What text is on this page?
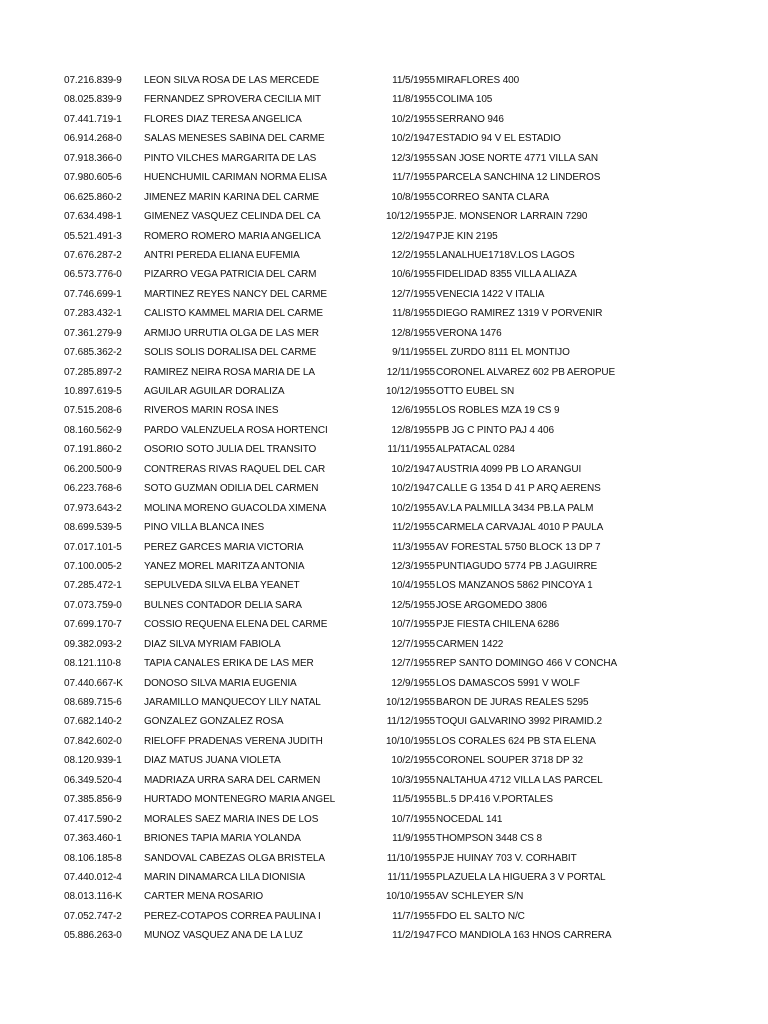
07.216.839-9	LEON SILVA ROSA DE LAS MERCEDE	11/5/1955 MIRAFLORES 400
08.025.839-9	FERNANDEZ SPROVERA CECILIA MIT	11/8/1955 COLIMA 105
07.441.719-1	FLORES DIAZ TERESA ANGELICA	10/2/1955 SERRANO 946
06.914.268-0	SALAS MENESES SABINA DEL CARME	10/2/1947 ESTADIO 94 V EL ESTADIO
07.918.366-0	PINTO VILCHES MARGARITA DE LAS	12/3/1955 SAN JOSE NORTE 4771 VILLA SAN
07.980.605-6	HUENCHUMIL CARIMAN NORMA ELISA	11/7/1955 PARCELA SANCHINA 12 LINDEROS
06.625.860-2	JIMENEZ MARIN KARINA DEL CARME	10/8/1955 CORREO SANTA CLARA
07.634.498-1	GIMENEZ VASQUEZ CELINDA DEL CA	10/12/1955 PJE. MONSENOR LARRAIN 7290
05.521.491-3	ROMERO ROMERO MARIA ANGELICA	12/2/1947 PJE KIN 2195
07.676.287-2	ANTRI PEREDA ELIANA EUFEMIA	12/2/1955 LANALHUE1718V.LOS LAGOS
06.573.776-0	PIZARRO VEGA PATRICIA DEL CARM	10/6/1955 FIDELIDAD 8355 VILLA ALIAZA
07.746.699-1	MARTINEZ REYES NANCY DEL CARME	12/7/1955 VENECIA 1422 V ITALIA
07.283.432-1	CALISTO KAMMEL MARIA DEL CARME	11/8/1955 DIEGO RAMIREZ 1319 V PORVENIR
07.361.279-9	ARMIJO URRUTIA OLGA DE LAS MER	12/8/1955 VERONA 1476
07.685.362-2	SOLIS SOLIS DORALISA DEL CARME	9/11/1955 EL ZURDO 8111 EL MONTIJO
07.285.897-2	RAMIREZ NEIRA ROSA MARIA DE LA	12/11/1955 CORONEL ALVAREZ 602 PB AEROPUE
10.897.619-5	AGUILAR AGUILAR DORALIZA	10/12/1955 OTTO EUBEL SN
07.515.208-6	RIVEROS MARIN ROSA INES	12/6/1955 LOS ROBLES MZA 19 CS 9
08.160.562-9	PARDO VALENZUELA ROSA HORTENCI	12/8/1955 PB JG C PINTO PAJ 4 406
07.191.860-2	OSORIO SOTO JULIA DEL TRANSITO	11/11/1955 ALPATACAL 0284
06.200.500-9	CONTRERAS RIVAS RAQUEL DEL CAR	10/2/1947 AUSTRIA 4099 PB LO ARANGUI
06.223.768-6	SOTO GUZMAN ODILIA DEL CARMEN	10/2/1947 CALLE G 1354 D 41 P ARQ AERENS
07.973.643-2	MOLINA MORENO GUACOLDA XIMENA	10/2/1955 AV.LA PALMILLA 3434 PB.LA PALM
08.699.539-5	PINO VILLA BLANCA INES	11/2/1955 CARMELA CARVAJAL 4010 P PAULA
07.017.101-5	PEREZ GARCES MARIA VICTORIA	11/3/1955 AV FORESTAL 5750 BLOCK 13 DP 7
07.100.005-2	YANEZ MOREL MARITZA ANTONIA	12/3/1955 PUNTIAGUDO 5774 PB J.AGUIRRE
07.285.472-1	SEPULVEDA SILVA ELBA YEANET	10/4/1955 LOS MANZANOS 5862 PINCOYA 1
07.073.759-0	BULNES CONTADOR DELIA SARA	12/5/1955 JOSE ARGOMEDO 3806
07.699.170-7	COSSIO REQUENA ELENA DEL CARME	10/7/1955 PJE FIESTA CHILENA 6286
09.382.093-2	DIAZ SILVA MYRIAM FABIOLA	12/7/1955 CARMEN 1422
08.121.110-8	TAPIA CANALES ERIKA DE LAS MER	12/7/1955 REP SANTO DOMINGO 466 V CONCHA
07.440.667-K	DONOSO SILVA MARIA EUGENIA	12/9/1955 LOS DAMASCOS 5991 V WOLF
08.689.715-6	JARAMILLO MANQUECOY LILY NATAL	10/12/1955 BARON DE JURAS REALES 5295
07.682.140-2	GONZALEZ GONZALEZ ROSA	11/12/1955 TOQUI GALVARINO 3992 PIRAMID.2
07.842.602-0	RIELOFF PRADENAS VERENA JUDITH	10/10/1955 LOS CORALES 624 PB STA ELENA
08.120.939-1	DIAZ MATUS JUANA VIOLETA	10/2/1955 CORONEL SOUPER 3718 DP 32
06.349.520-4	MADRIAZA URRA SARA DEL CARMEN	10/3/1955 NALTAHUA 4712 VILLA LAS PARCEL
07.385.856-9	HURTADO MONTENEGRO MARIA ANGEL	11/5/1955 BL.5 DP.416 V.PORTALES
07.417.590-2	MORALES SAEZ MARIA INES DE LOS	10/7/1955 NOCEDAL 141
07.363.460-1	BRIONES TAPIA MARIA YOLANDA	11/9/1955 THOMPSON 3448 CS 8
08.106.185-8	SANDOVAL CABEZAS OLGA BRISTELA	11/10/1955 PJE HUINAY 703 V. CORHABIT
07.440.012-4	MARIN DINAMARCA LILA DIONISIA	11/11/1955 PLAZUELA LA HIGUERA 3 V PORTAL
08.013.116-K	CARTER MENA ROSARIO	10/10/1955 AV SCHLEYER S/N
07.052.747-2	PEREZ-COTAPOS CORREA PAULINA I	11/7/1955 FDO EL SALTO N/C
05.886.263-0	MUNOZ VASQUEZ ANA DE LA LUZ	11/2/1947 FCO MANDIOLA 163 HNOS CARRERA
